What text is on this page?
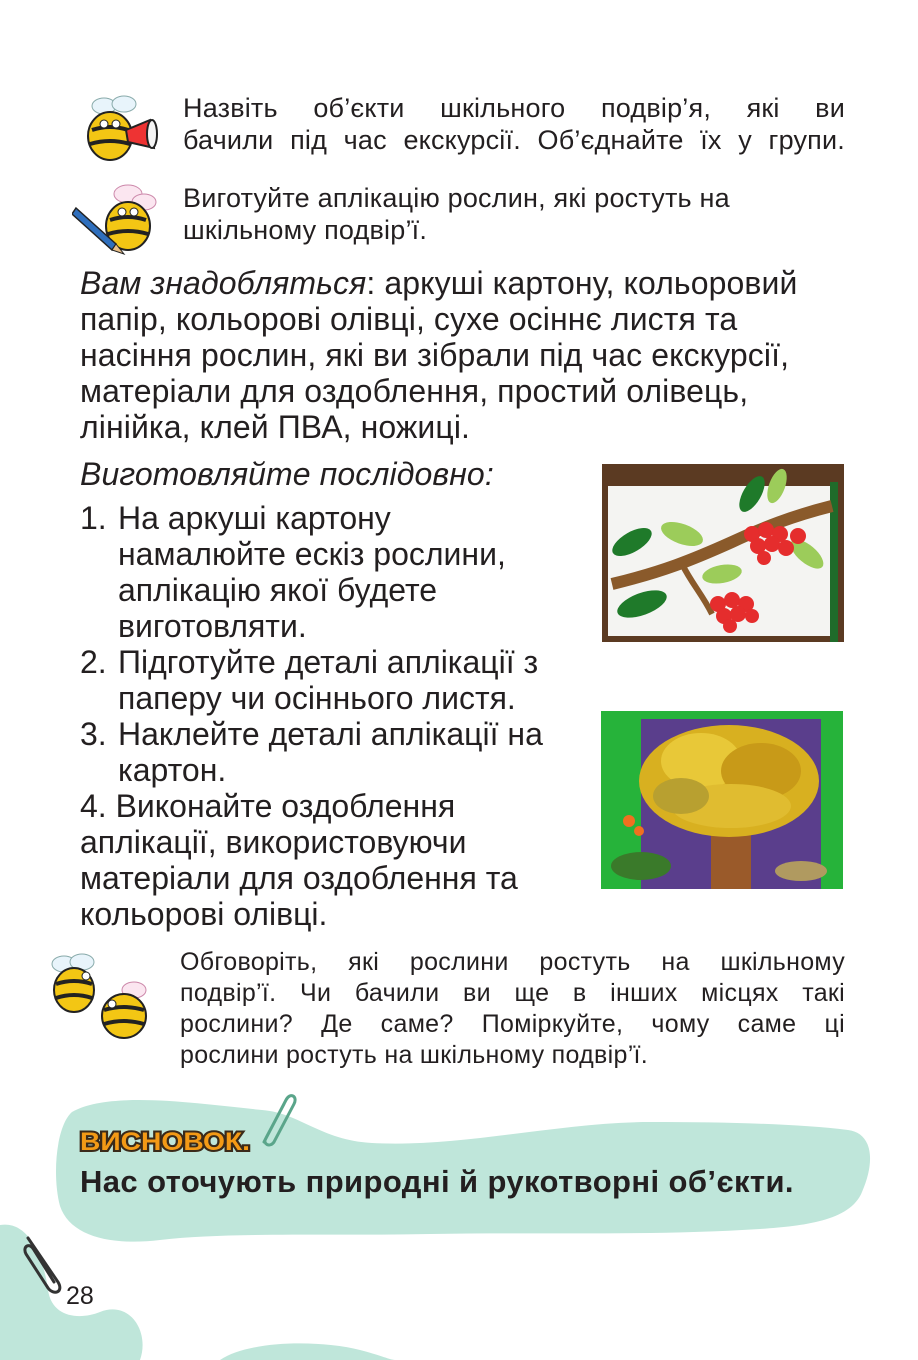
Назвіть об’єкти шкільного подвір’я, які ви
бачили під час екскурсії. Об’єднайте їх у групи.
Виготуйте аплікацію рослин, які ростуть на
шкільному подвір’ї.
Вам знадобляться: аркуші картону, кольоровий
папір, кольорові олівці, сухе осіннє листя та
насіння рослин, які ви зібрали під час екскурсії,
матеріали для оздоблення, простий олівець,
лінійка, клей ПВА, ножиці.
Виготовляйте послідовно:
1. На аркуші картону
намалюйте ескіз рослини,
аплікацію якої будете
виготовляти.
2. Підготуйте деталі аплікації з
паперу чи осіннього листя.
3. Наклейте деталі аплікації на
картон.
4. Виконайте оздоблення
аплікації, використовуючи
матеріали для оздоблення та
кольорові олівці.
Обговоріть, які рослини ростуть на шкільному
подвір’ї. Чи бачили ви ще в інших місцях такі
рослини? Де саме? Поміркуйте, чому саме ці
рослини ростуть на шкільному подвір’ї.
ВИСНОВОК.
Нас оточують природні й рукотворні об’єкти.
28
